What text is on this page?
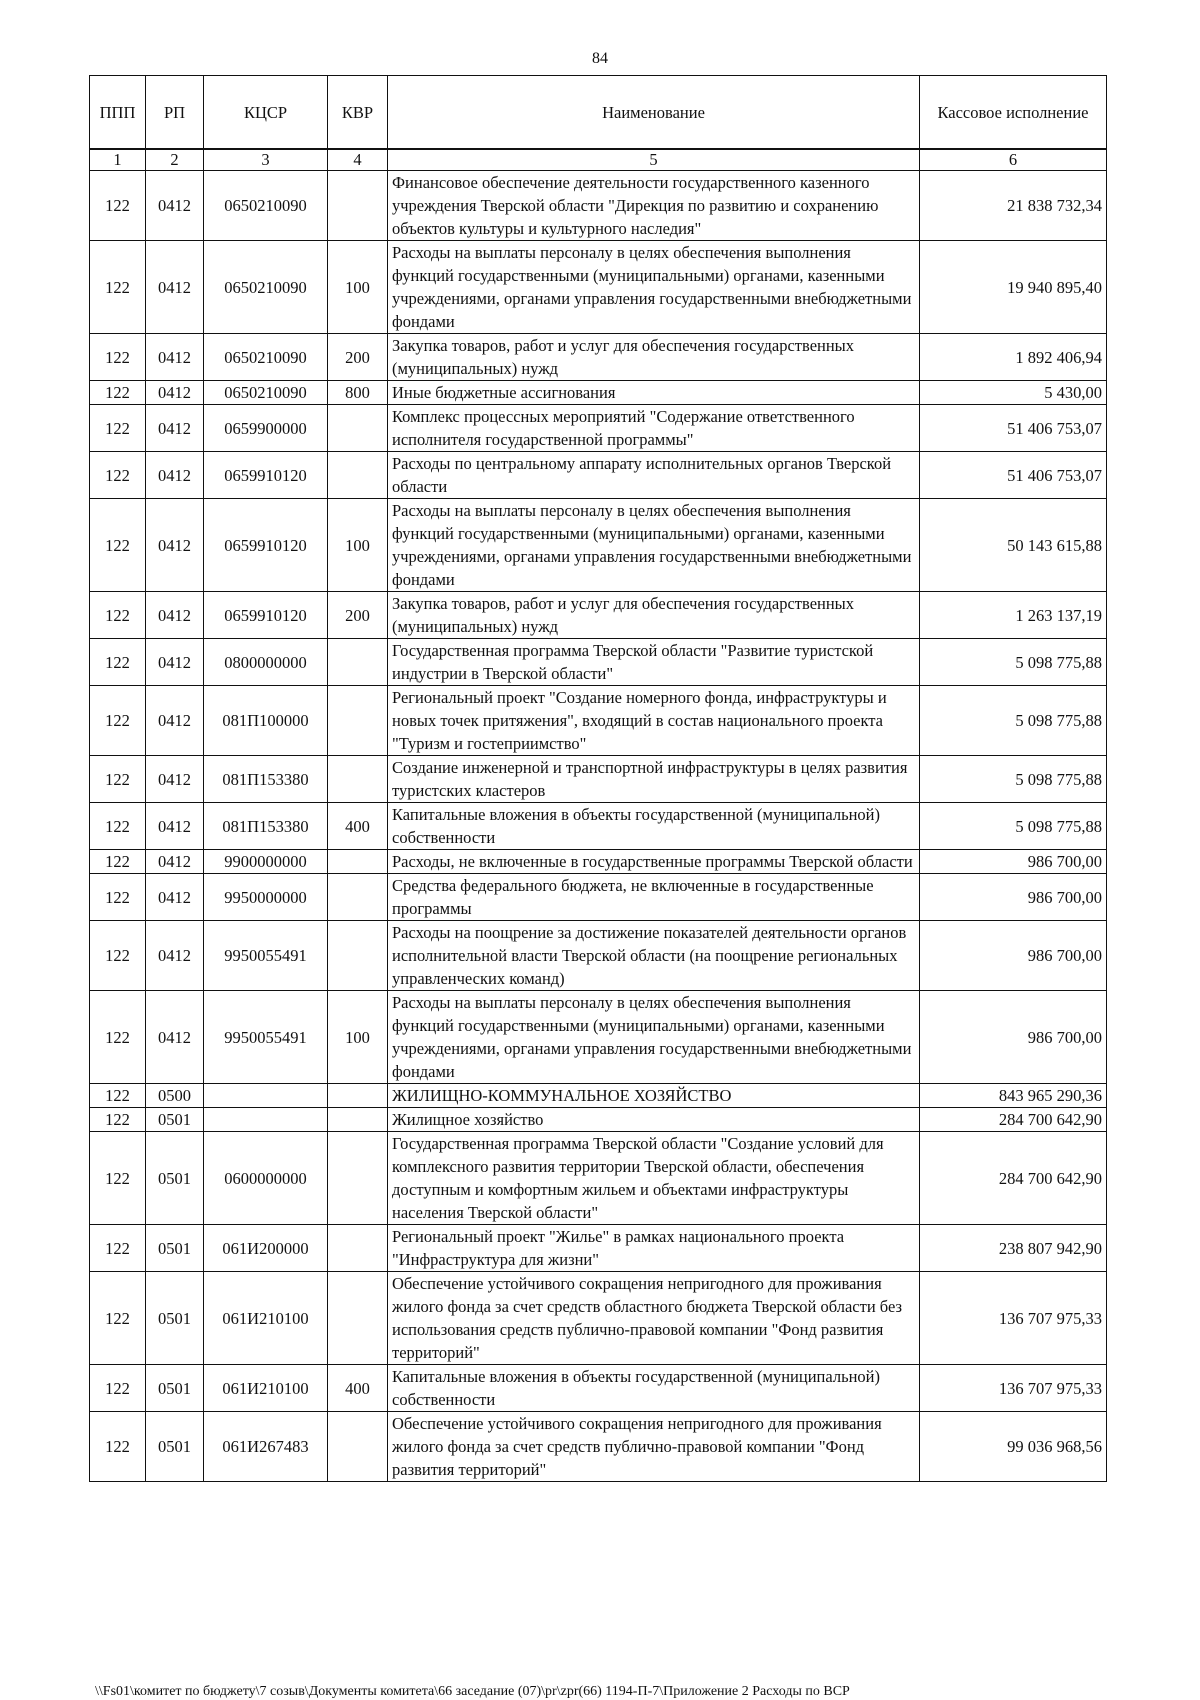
84
ППП	РП	КЦСР	КВР	Наименование	Кассовое исполнение
1	2	3	4	5	6
122	0412	0650210090		Финансовое обеспечение деятельности государственного казенного учреждения Тверской области "Дирекция по развитию и сохранению объектов культуры и культурного наследия"	21 838 732,34
122	0412	0650210090	100	Расходы на выплаты персоналу в целях обеспечения выполнения функций государственными (муниципальными) органами, казенными учреждениями, органами управления государственными внебюджетными фондами	19 940 895,40
122	0412	0650210090	200	Закупка товаров, работ и услуг для обеспечения государственных (муниципальных) нужд	1 892 406,94
122	0412	0650210090	800	Иные бюджетные ассигнования	5 430,00
122	0412	0659900000		Комплекс процессных мероприятий "Содержание ответственного исполнителя государственной программы"	51 406 753,07
122	0412	0659910120		Расходы по центральному аппарату исполнительных органов Тверской области	51 406 753,07
122	0412	0659910120	100	Расходы на выплаты персоналу в целях обеспечения выполнения функций государственными (муниципальными) органами, казенными учреждениями, органами управления государственными внебюджетными фондами	50 143 615,88
122	0412	0659910120	200	Закупка товаров, работ и услуг для обеспечения государственных (муниципальных) нужд	1 263 137,19
122	0412	0800000000		Государственная программа Тверской области "Развитие туристской индустрии в Тверской области"	5 098 775,88
122	0412	081П100000		Региональный проект "Создание номерного фонда, инфраструктуры и новых точек притяжения", входящий в состав национального проекта "Туризм и гостеприимство"	5 098 775,88
122	0412	081П153380		Создание инженерной и транспортной инфраструктуры в целях развития туристских кластеров	5 098 775,88
122	0412	081П153380	400	Капитальные вложения в объекты государственной (муниципальной) собственности	5 098 775,88
122	0412	9900000000		Расходы, не включенные в государственные программы Тверской области	986 700,00
122	0412	9950000000		Средства федерального бюджета, не включенные в государственные программы	986 700,00
122	0412	9950055491		Расходы на поощрение за достижение показателей деятельности органов исполнительной власти Тверской области (на поощрение региональных управленческих команд)	986 700,00
122	0412	9950055491	100	Расходы на выплаты персоналу в целях обеспечения выполнения функций государственными (муниципальными) органами, казенными учреждениями, органами управления государственными внебюджетными фондами	986 700,00
122	0500			ЖИЛИЩНО-КОММУНАЛЬНОЕ ХОЗЯЙСТВО	843 965 290,36
122	0501			Жилищное хозяйство	284 700 642,90
122	0501	0600000000		Государственная программа Тверской области "Создание условий для комплексного развития территории Тверской области, обеспечения доступным и комфортным жильем и объектами инфраструктуры населения Тверской области"	284 700 642,90
122	0501	061И200000		Региональный проект "Жилье" в рамках национального проекта "Инфраструктура для жизни"	238 807 942,90
122	0501	061И210100		Обеспечение устойчивого сокращения непригодного для проживания жилого фонда за счет средств областного бюджета Тверской области без использования средств публично-правовой компании "Фонд развития территорий"	136 707 975,33
122	0501	061И210100	400	Капитальные вложения в объекты государственной (муниципальной) собственности	136 707 975,33
122	0501	061И267483		Обеспечение устойчивого сокращения непригодного для проживания жилого фонда за счет средств публично-правовой компании "Фонд развития территорий"	99 036 968,56
\\Fs01\комитет по бюджету\7 созыв\Документы комитета\66 заседание (07)\pr\zpr(66) 1194-П-7\Приложение 2 Расходы по ВСР
